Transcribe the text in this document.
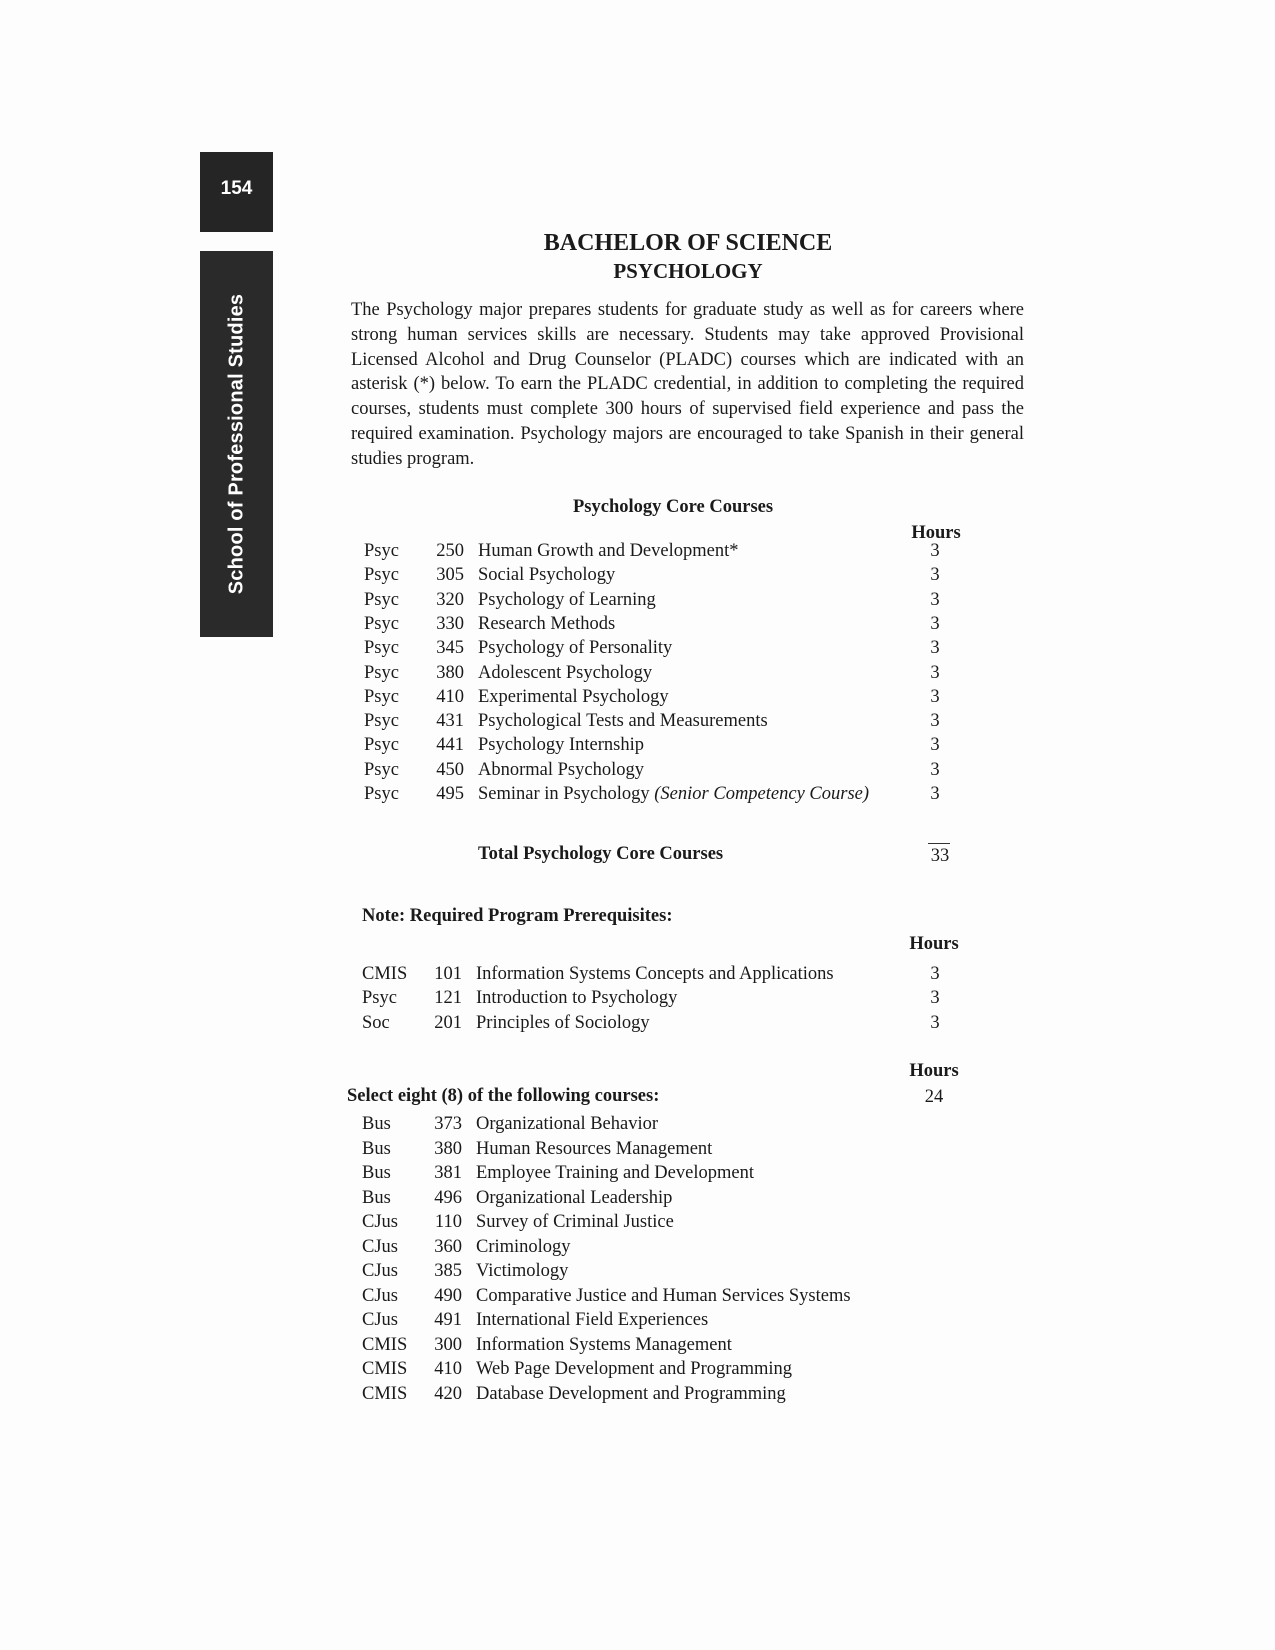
154
School of Professional Studies
BACHELOR OF SCIENCE
PSYCHOLOGY

The Psychology major prepares students for graduate study as well as for careers where strong human services skills are necessary. Students may take approved Provisional Licensed Alcohol and Drug Counselor (PLADC) courses which are indicated with an asterisk (*) below. To earn the PLADC credential, in addition to completing the required courses, students must complete 300 hours of supervised field experience and pass the required examination. Psychology majors are encouraged to take Spanish in their general studies program.

Psychology Core Courses
Hours
Psyc	250 Human Growth and Development*	3
Psyc	305 Social Psychology	3
Psyc	320 Psychology of Learning	3
Psyc	330 Research Methods	3
Psyc	345 Psychology of Personality	3
Psyc	380 Adolescent Psychology	3
Psyc	410 Experimental Psychology	3
Psyc	431 Psychological Tests and Measurements	3
Psyc	441 Psychology Internship	3
Psyc	450 Abnormal Psychology	3
Psyc	495 Seminar in Psychology (Senior Competency Course)	3
Total Psychology Core Courses	33
Note: Required Program Prerequisites:
Hours
CMIS	101 Information Systems Concepts and Applications	3
Psyc	121 Introduction to Psychology	3
Soc	201 Principles of Sociology	3
Hours
Select eight (8) of the following courses:	24
Bus	373 Organizational Behavior
Bus	380 Human Resources Management
Bus	381 Employee Training and Development
Bus	496 Organizational Leadership
CJus	110 Survey of Criminal Justice
CJus	360 Criminology
CJus	385 Victimology
CJus	490 Comparative Justice and Human Services Systems
CJus	491 International Field Experiences
CMIS	300 Information Systems Management
CMIS	410 Web Page Development and Programming
CMIS	420 Database Development and Programming
